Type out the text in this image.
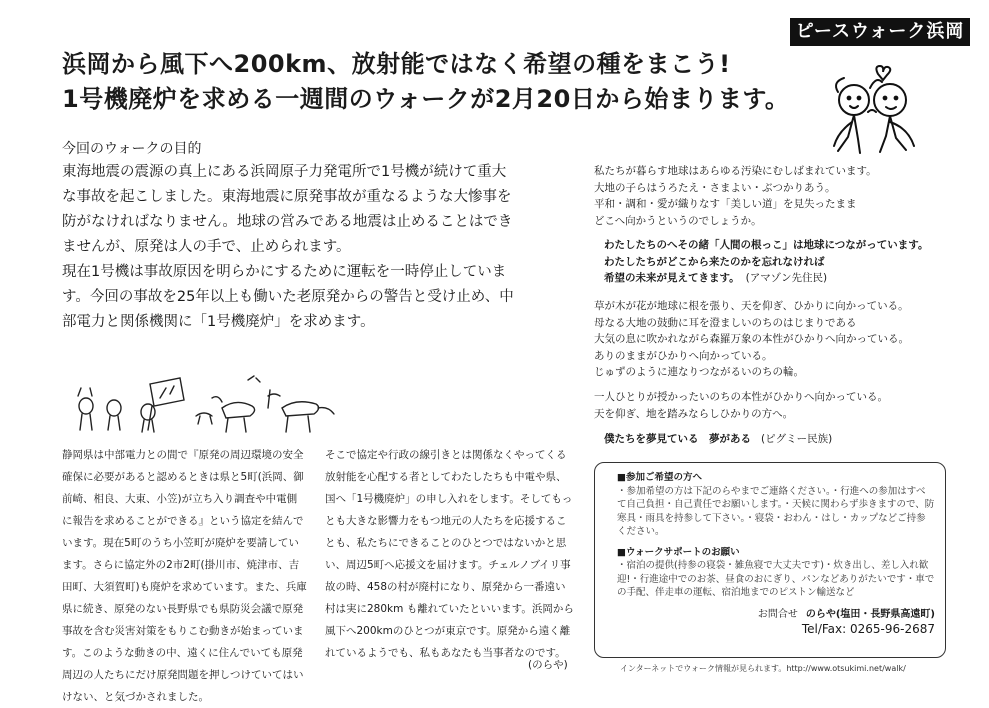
ピースウォーク浜岡
浜岡から風下へ200km、放射能ではなく希望の種をまこう!
1号機廃炉を求める一週間のウォークが2月20日から始まります。
今回のウォークの目的

東海地震の震源の真上にある浜岡原子力発電所で1号機が続けて重大な事故を起こしました。東海地震に原発事故が重なるような大惨事を防がなければなりません。地球の営みである地震は止めることはできませんが、原発は人の手で、止められます。

現在1号機は事故原因を明らかにするために運転を一時停止しています。今回の事故を25年以上も働いた老原発からの警告と受け止め、中部電力と関係機関に「1号機廃炉」を求めます。

静岡県は中部電力との間で『原発の周辺環境の安全確保に必要があると認めるときは県と5町(浜岡、御前崎、相良、大東、小笠)が立ち入り調査や中電側に報告を求めることができる』という協定を結んでいます。現在5町のうち小笠町が廃炉を要請しています。さらに協定外の2市2町(掛川市、焼津市、吉田町、大須賀町)も廃炉を求めています。また、兵庫県に続き、原発のない長野県でも県防災会議で原発事故を含む災害対策をもりこむ動きが始まっています。このような動きの中、遠くに住んでいても原発周辺の人たちにだけ原発問題を押しつけていてはいけない、と気づかされました。

そこで協定や行政の線引きとは関係なくやってくる放射能を心配する者としてわたしたちも中電や県、国へ「1号機廃炉」の申し入れをします。そしてもっとも大きな影響力をもつ地元の人たちを応援することも、私たちにできることのひとつではないかと思い、周辺5町へ応援文を届けます。チェルノブイリ事故の時、458の村が廃村になり、原発から一番遠い村は実に280km も離れていたといいます。浜岡から風下へ200kmのひとつが東京です。原発から遠く離れているようでも、私もあなたも当事者なのです。

(のらや)

私たちが暮らす地球はあらゆる汚染にむしばまれています。

大地の子らはうろたえ・さまよい・ぶつかりあう。

平和・調和・愛が織りなす「美しい道」を見失ったまま

どこへ向かうというのでしょうか。

わたしたちのへその緒「人間の根っこ」は地球につながっています。

わたしたちがどこから来たのかを忘れなければ

希望の未来が見えてきます。 (アマゾン先住民)

草が木が花が地球に根を張り、天を仰ぎ、ひかりに向かっている。

母なる大地の鼓動に耳を澄ましいのちのはじまりである

大気の息に吹かれながら森羅万象の本性がひかりへ向かっている。

ありのままがひかりへ向かっている。

じゅずのように連なりつながるいのちの輪。

一人ひとりが授かったいのちの本性がひかりへ向かっている。

天を仰ぎ、地を踏みならしひかりの方へ。

僕たちを夢見ている　夢がある (ピグミー民族)

■参加ご希望の方へ

・参加希望の方は下記のらやまでご連絡ください。・行進への参加はすべて自己負担・自己責任でお願いします。・天候に関わらず歩きますので、防寒具・雨具を持参して下さい。・寝袋・おわん・はし・カップなどご持参ください。

■ウォークサポートのお願い

・宿泊の提供(持参の寝袋・雑魚寝で大丈夫です)・炊き出し、差し入れ歓迎!・行進途中でのお茶、昼食のおにぎり、パンなどありがたいです・車での手配、伴走車の運転、宿泊地までのピストン輸送など

お問合せ のらや(塩田・長野県高遠町)
Tel/Fax: 0265-96-2687
インターネットでウォーク情報が見られます。http://www.otsukimi.net/walk/
